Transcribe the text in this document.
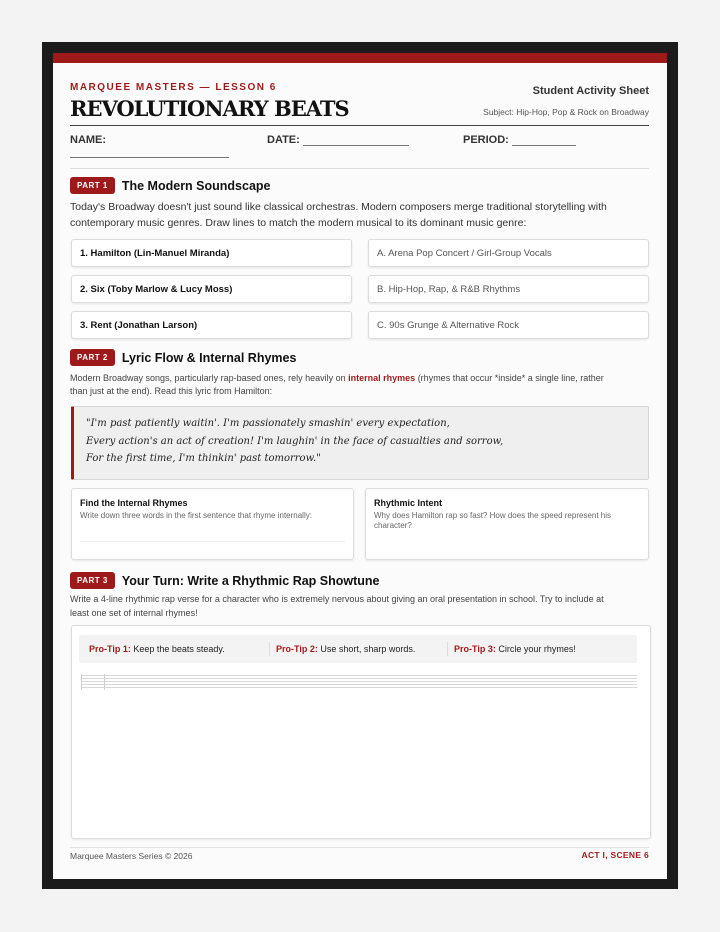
MARQUEE MASTERS — LESSON 6
REVOLUTIONARY BEATS
Student Activity Sheet
Subject: Hip-Hop, Pop & Rock on Broadway
NAME:	DATE:	PERIOD:
PART 1	The Modern Soundscape
Today's Broadway doesn't just sound like classical orchestras. Modern composers merge traditional storytelling with
contemporary music genres. Draw lines to match the modern musical to its dominant music genre:
1. Hamilton (Lin-Manuel Miranda)
2. Six (Toby Marlow & Lucy Moss)
3. Rent (Jonathan Larson)
A. Arena Pop Concert / Girl-Group Vocals
B. Hip-Hop, Rap, & R&B Rhythms
C. 90s Grunge & Alternative Rock
PART 2	Lyric Flow & Internal Rhymes
Modern Broadway songs, particularly rap-based ones, rely heavily on internal rhymes (rhymes that occur *inside* a single line, rather
than just at the end). Read this lyric from Hamilton:
"I'm past patiently waitin'. I'm passionately smashin' every expectation,
Every action's an act of creation! I'm laughin' in the face of casualties and sorrow,
For the first time, I'm thinkin' past tomorrow."
Find the Internal Rhymes

Write down three words in the first sentence that rhyme internally:

Rhythmic Intent

Why does Hamilton rap so fast? How does the speed represent his character?

PART 3	Your Turn: Write a Rhythmic Rap Showtune
Write a 4-line rhythmic rap verse for a character who is extremely nervous about giving an oral presentation in school. Try to include at
least one set of internal rhymes!
Pro-Tip 1: Keep the beats steady.	Pro-Tip 2: Use short, sharp words.	Pro-Tip 3: Circle your rhymes!
Marquee Masters Series © 2026	ACT I, SCENE 6
